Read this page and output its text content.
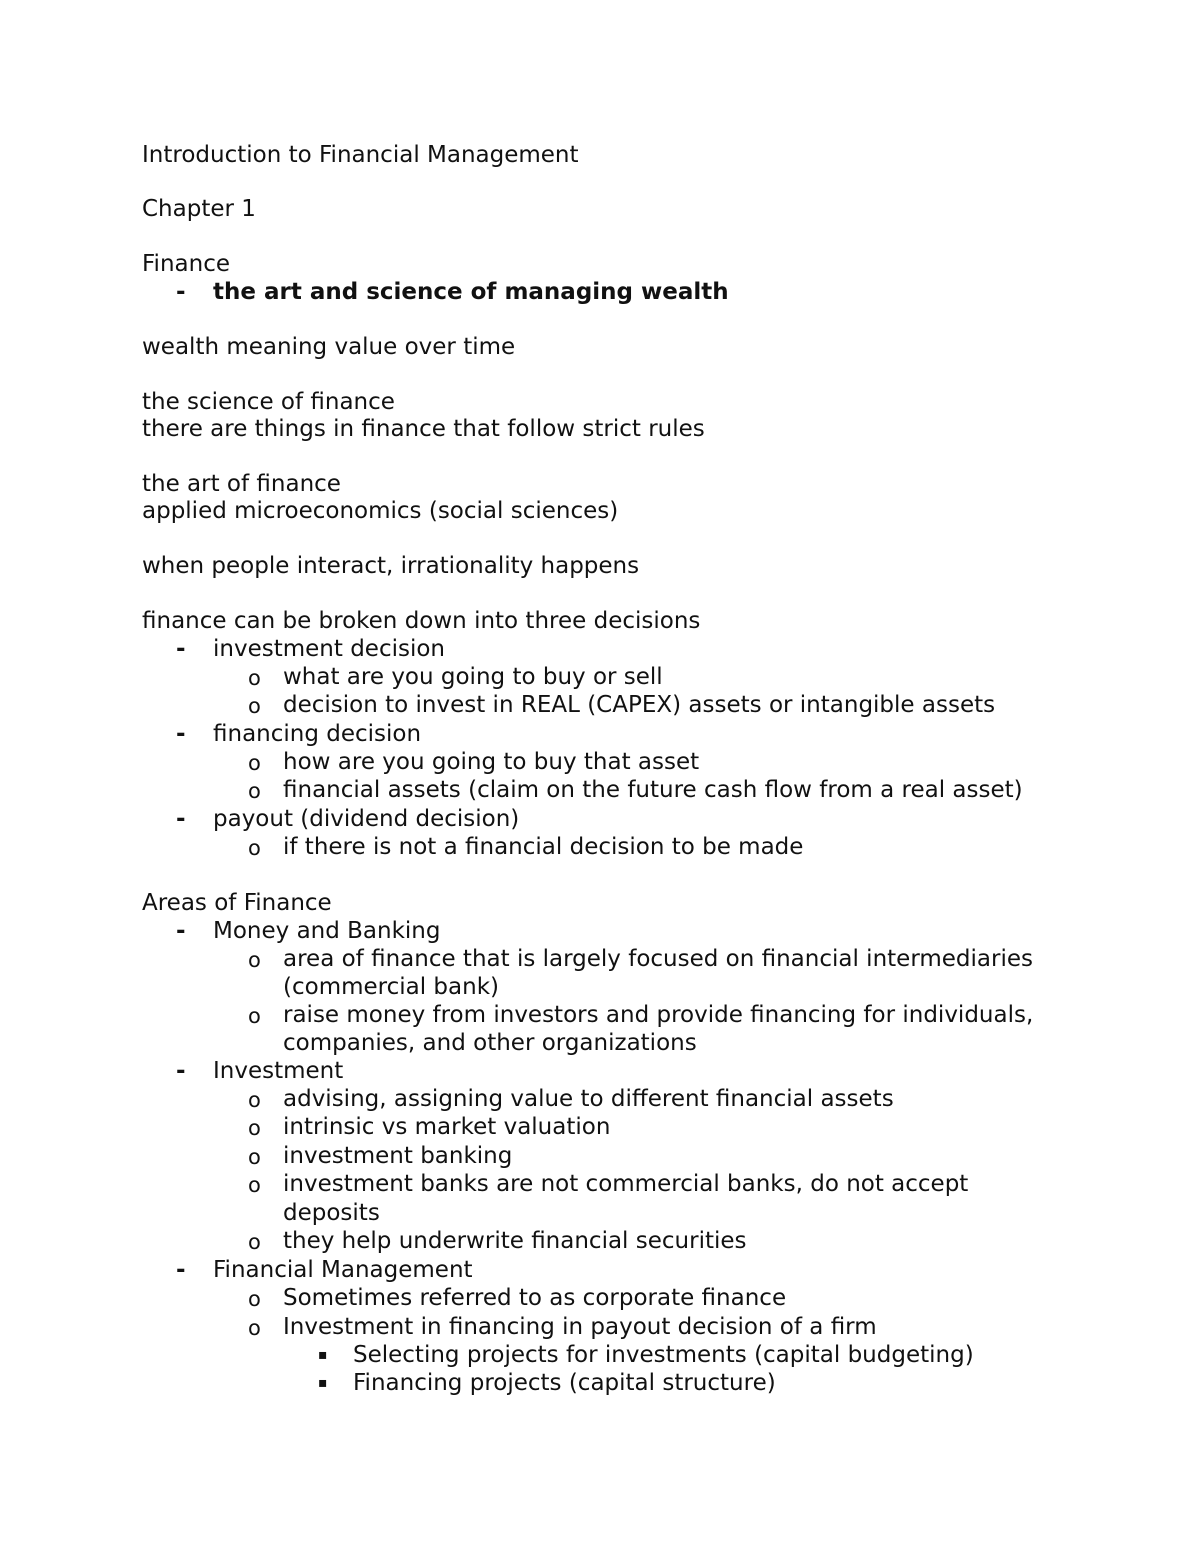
Introduction to Financial Management
Chapter 1
Finance
- the art and science of managing wealth
wealth meaning value over time
the science of finance
there are things in finance that follow strict rules
the art of finance
applied microeconomics (social sciences)
when people interact, irrationality happens
finance can be broken down into three decisions
- investment decision
o what are you going to buy or sell
o decision to invest in REAL (CAPEX) assets or intangible assets
- financing decision
o how are you going to buy that asset
o financial assets (claim on the future cash flow from a real asset)
- payout (dividend decision)
o if there is not a financial decision to be made
Areas of Finance
- Money and Banking
o area of finance that is largely focused on financial intermediaries
(commercial bank)
o raise money from investors and provide financing for individuals,
companies, and other organizations
- Investment
o advising, assigning value to different financial assets
o intrinsic vs market valuation
o investment banking
o investment banks are not commercial banks, do not accept
deposits
o they help underwrite financial securities
- Financial Management
o Sometimes referred to as corporate finance
o Investment in financing in payout decision of a firm
▪ Selecting projects for investments (capital budgeting)
▪ Financing projects (capital structure)
